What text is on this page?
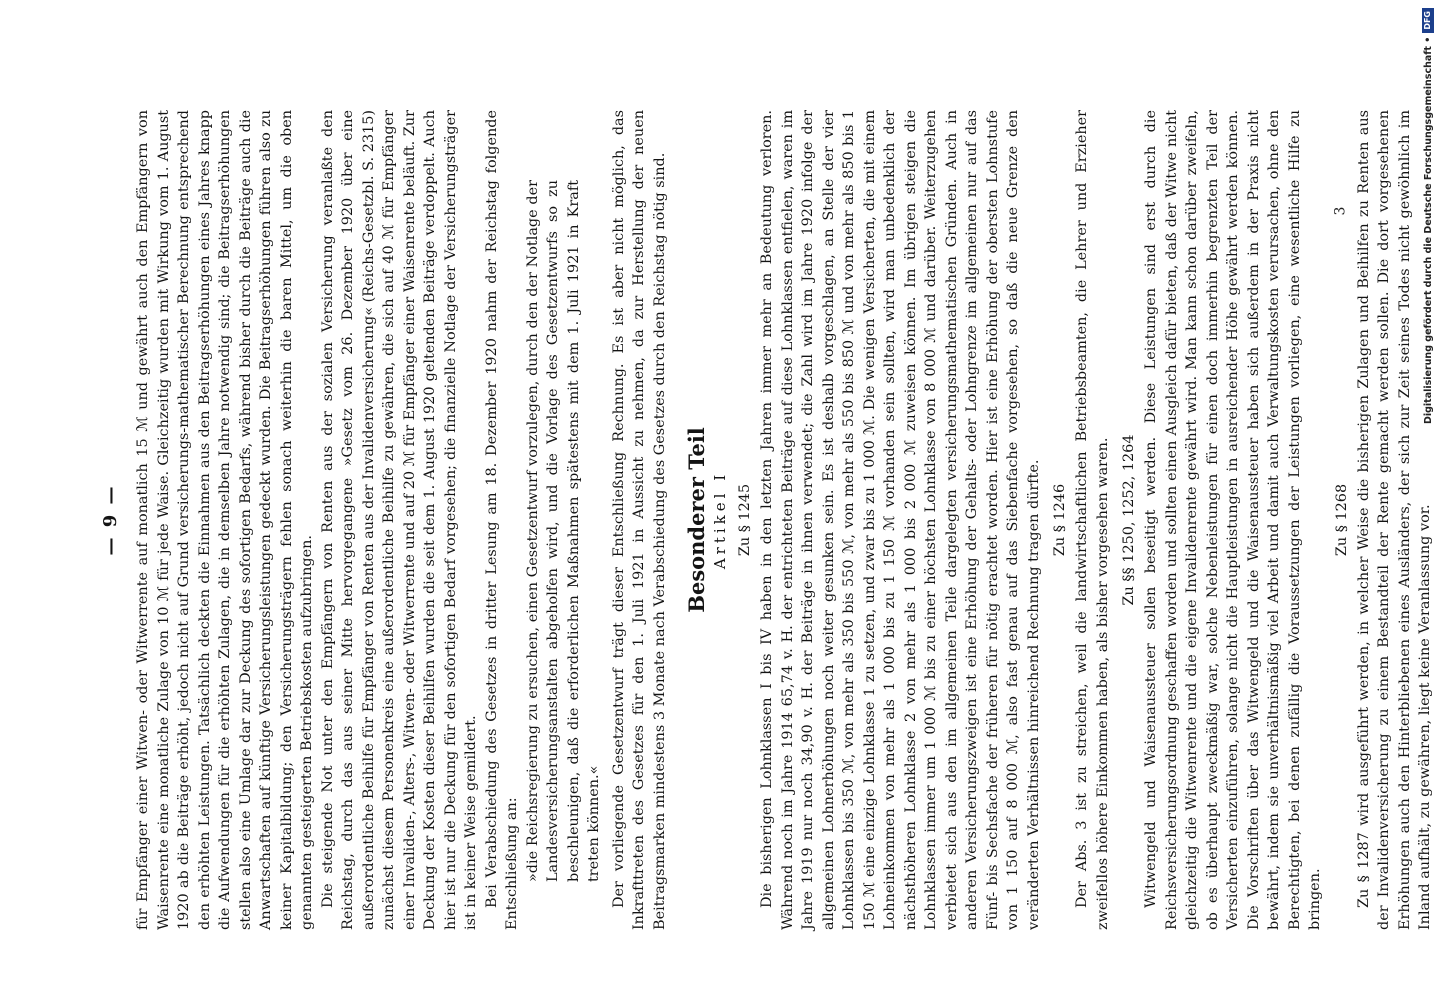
— 9 — für Empfänger einer Witwen- oder Witwerrente auf monatlich 15 ℳ und gewährt auch den Empfängern von Waisenrente eine monatliche Zulage von 10 ℳ für jede Waise. Gleichzeitig wurden mit Wirkung vom 1. August 1920 ab die Beiträge erhöht, jedoch nicht auf Grund versicherungs-mathematischer Berechnung entsprechend den erhöhten Leistungen. Tatsächlich deckten die Einnahmen aus den Beitragserhöhungen eines Jahres knapp die Aufwendungen für die erhöhten Zulagen, die in demselben Jahre notwendig sind; die Beitragserhöhungen stellen also eine Umlage dar zur Deckung des sofortigen Bedarfs, während bisher durch die Beiträge auch die Anwartschaften auf künftige Versicherungsleistungen gedeckt wurden. Die Beitragserhöhungen führen also zu keiner Kapitalbildung; den Versicherungsträgern fehlen sonach weiterhin die baren Mittel, um die oben genannten gesteigerten Betriebskosten aufzubringen. Die steigende Not unter den Empfängern von Renten aus der sozialen Versicherung veranlaßte den Reichstag, durch das aus seiner Mitte hervorgegangene »Gesetz vom 26. Dezember 1920 über eine außerordentliche Beihilfe für Empfänger von Renten aus der Invalidenversicherung« (Reichs-Gesetzbl. S. 2315) zunächst diesem Personenkreis eine außerordentliche Beihilfe zu gewähren, die sich auf 40 ℳ für Empfänger einer Invaliden-, Alters-, Witwen- oder Witwerrente und auf 20 ℳ für Empfänger einer Waisenrente beläuft. Zur Deckung der Kosten dieser Beihilfen wurden die seit dem 1. August 1920 geltenden Beiträge verdoppelt. Auch hier ist nur die Deckung für den sofortigen Bedarf vorgesehen; die finanzielle Notlage der Versicherungsträger ist in keiner Weise gemildert. Bei Verabschiedung des Gesetzes in dritter Lesung am 18. Dezember 1920 nahm der Reichstag folgende Entschließung an: »die Reichsregierung zu ersuchen, einen Gesetzentwurf vorzulegen, durch den der Notlage der Landesversicherungsanstalten abgeholfen wird, und die Vorlage des Gesetzentwurfs so zu beschleunigen, daß die erforderlichen Maßnahmen spätestens mit dem 1. Juli 1921 in Kraft treten können.« Der vorliegende Gesetzentwurf trägt dieser Entschließung Rechnung. Es ist aber nicht möglich, das Inkrafttreten des Gesetzes für den 1. Juli 1921 in Aussicht zu nehmen, da zur Herstellung der neuen Beitragsmarken mindestens 3 Monate nach Verabschiedung des Gesetzes durch den Reichstag nötig sind. Besonderer Teil Artikel I Zu § 1245 Die bisherigen Lohnklassen I bis IV haben in den letzten Jahren immer mehr an Bedeutung verloren. Während noch im Jahre 1914 65,74 v. H. der entrichteten Beiträge auf diese Lohnklassen entfielen, waren im Jahre 1919 nur noch 34,90 v. H. der Beiträge in ihnen verwendet; die Zahl wird im Jahre 1920 infolge der allgemeinen Lohnerhöhungen noch weiter gesunken sein. Es ist deshalb vorgeschlagen, an Stelle der vier Lohnklassen bis 350 ℳ, von mehr als 350 bis 550 ℳ, von mehr als 550 bis 850 ℳ und von mehr als 850 bis 1 150 ℳ eine einzige Lohnklasse 1 zu setzen, und zwar bis zu 1 000 ℳ. Die wenigen Versicherten, die mit einem Lohneinkommen von mehr als 1 000 bis zu 1 150 ℳ vorhanden sein sollten, wird man unbedenklich der nächsthöheren Lohnklasse 2 von mehr als 1 000 bis 2 000 ℳ zuweisen können. Im übrigen steigen die Lohnklassen immer um 1 000 ℳ bis zu einer höchsten Lohnklasse von 8 000 ℳ und darüber. Weiterzugehen verbietet sich aus den im allgemeinen Teile dargelegten versicherungsmathematischen Gründen. Auch in anderen Versicherungszweigen ist eine Erhöhung der Gehalts- oder Lohngrenze im allgemeinen nur auf das Fünf- bis Sechsfache der früheren für nötig erachtet worden. Hier ist eine Erhöhung der obersten Lohnstufe von 1 150 auf 8 000 ℳ, also fast genau auf das Siebenfache vorgesehen, so daß die neue Grenze den veränderten Verhältnissen hinreichend Rechnung tragen dürfte. Zu § 1246 Der Abs. 3 ist zu streichen, weil die landwirtschaftlichen Betriebsbeamten, die Lehrer und Erzieher zweifellos höhere Einkommen haben, als bisher vorgesehen waren. Zu §§ 1250, 1252, 1264 Witwengeld und Waisenaussteuer sollen beseitigt werden. Diese Leistungen sind erst durch die Reichsversicherungsordnung geschaffen worden und sollten einen Ausgleich dafür bieten, daß der Witwe nicht gleichzeitig die Witwenrente und die eigene Invalidenrente gewährt wird. Man kann schon darüber zweifeln, ob es überhaupt zweckmäßig war, solche Nebenleistungen für einen doch immerhin begrenzten Teil der Versicherten einzuführen, solange nicht die Hauptleistungen in ausreichender Höhe gewährt werden können. Die Vorschriften über das Witwengeld und die Waisenaussteuer haben sich außerdem in der Praxis nicht bewährt, indem sie unverhältnismäßig viel Arbeit und damit auch Verwaltungskosten verursachen, ohne den Berechtigten, bei denen zufällig die Voraussetzungen der Leistungen vorliegen, eine wesentliche Hilfe zu bringen.

Zu § 1268 Zu § 1287 wird ausgeführt werden, in welcher Weise die bisherigen Zulagen und Beihilfen zu Renten aus der Invalidenversicherung zu einem Bestandteil der Rente gemacht werden sollen. Die dort vorgesehenen Erhöhungen auch den Hinterbliebenen eines Ausländers, der sich zur Zeit seines Todes nicht gewöhnlich im Inland aufhält, zu gewähren, liegt keine Veranlassung vor.

3	Digitalisierung gefördert durch die Deutsche Forschungsgemeinschaft •
DFG
